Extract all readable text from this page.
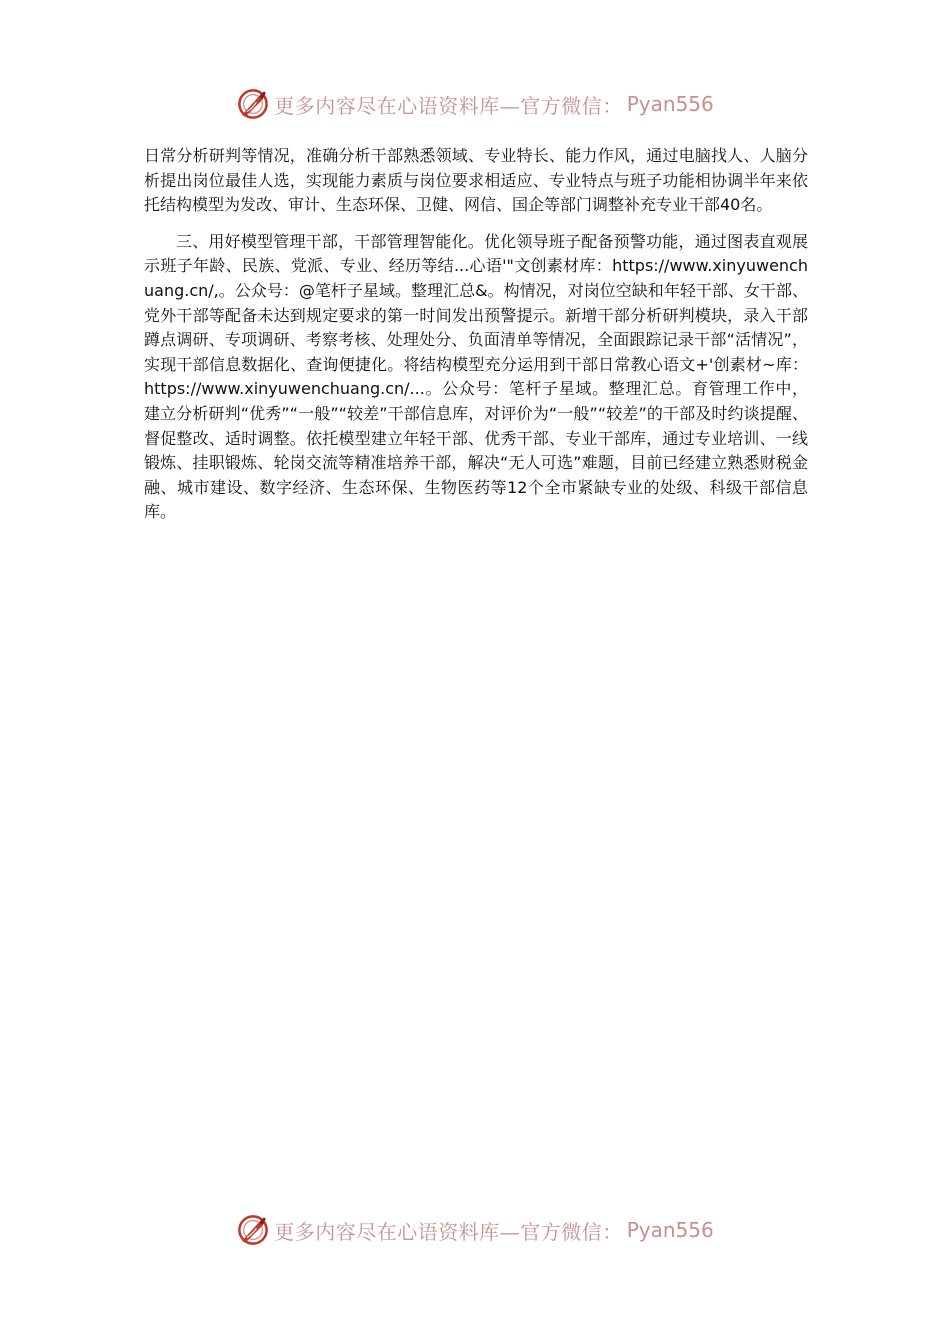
更多内容尽在心语资料库—官方微信： Pyan556

日常分析研判等情况，准确分析干部熟悉领域、专业特长、能力作风，通过电脑找人、人脑分析提出岗位最佳人选，实现能力素质与岗位要求相适应、专业特点与班子功能相协调半年来依托结构模型为发改、审计、生态环保、卫健、网信、国企等部门调整补充专业干部40名。

三、用好模型管理干部，干部管理智能化。优化领导班子配备预警功能，通过图表直观展示班子年龄、民族、党派、专业、经历等结...心语'"文创素材库：https://www.xinyuwenchuang.cn/,。公众号：@笔杆子星域。整理汇总&。构情况，对岗位空缺和年轻干部、女干部、党外干部等配备未达到规定要求的第一时间发出预警提示。新增干部分析研判模块，录入干部蹲点调研、专项调研、考察考核、处理处分、负面清单等情况，全面跟踪记录干部“活情况”，实现干部信息数据化、查询便捷化。将结构模型充分运用到干部日常教心语文+'创素材~库：https://www.xinyuwenchuang.cn/...。公众号：笔杆子星域。整理汇总。育管理工作中，建立分析研判“优秀”“一般”“较差”干部信息库，对评价为“一般”“较差”的干部及时约谈提醒、督促整改、适时调整。依托模型建立年轻干部、优秀干部、专业干部库，通过专业培训、一线锻炼、挂职锻炼、轮岗交流等精准培养干部，解决“无人可选”难题，目前已经建立熟悉财税金融、城市建设、数字经济、生态环保、生物医药等12个全市紧缺专业的处级、科级干部信息库。

更多内容尽在心语资料库—官方微信： Pyan556
